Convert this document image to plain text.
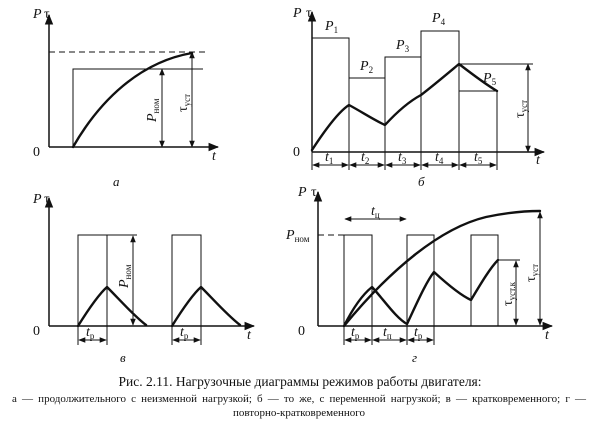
P τ
0	t
Pном τуст
а
P τ
0
t
τуст
P1
P2
P3
P4
P5
t1 t2 t3 t4 t5
б
P τ
0	t
Pном
tр	tр
в
P τ
0	t
Pном
τуст.к
τуст
tц
tр tп tр
г
Рис. 2.11. Нагрузочные диаграммы режимов работы двигателя:
а — продолжительного с неизменной нагрузкой; б — то же, с переменной нагрузкой; в — кратковременного; г — повторно-кратковременного
